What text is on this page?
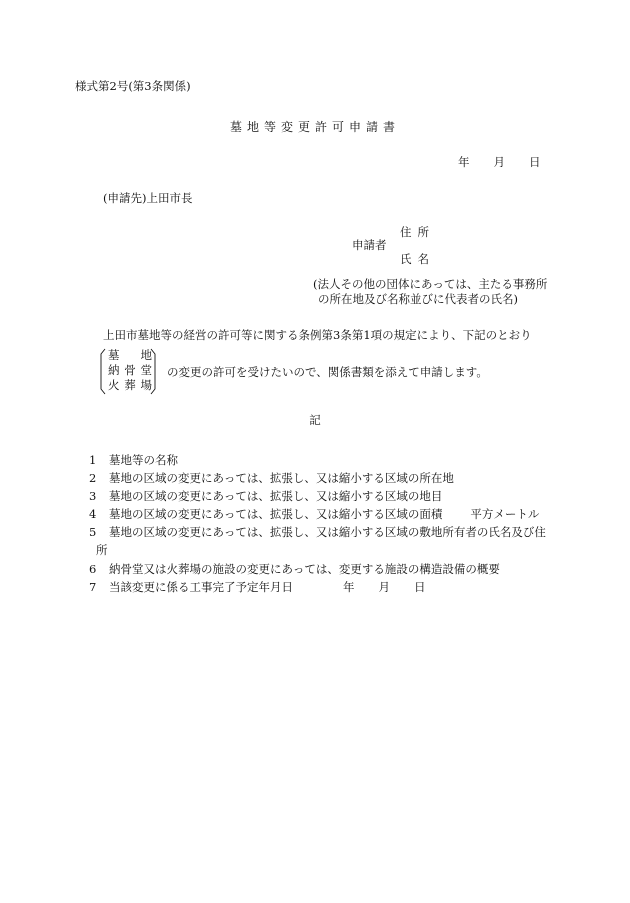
様式第2号(第3条関係)
墓地等変更許可申請書
年 月 日
(申請先)上田市長
住所
申請者
氏名
(法人その他の団体にあっては、主たる事務所
の所在地及び名称並びに代表者の氏名)
上田市墓地等の経営の許可等に関する条例第3条第1項の規定により、下記のとおり
墓地
納骨堂
火葬場
の変更の許可を受けたいので、関係書類を添えて申請します。
記
1 墓地等の名称
2 墓地の区域の変更にあっては、拡張し、又は縮小する区域の所在地
3 墓地の区域の変更にあっては、拡張し、又は縮小する区域の地目
4 墓地の区域の変更にあっては、拡張し、又は縮小する区域の面積 平方メートル
5 墓地の区域の変更にあっては、拡張し、又は縮小する区域の敷地所有者の氏名及び住
所
6 納骨堂又は火葬場の施設の変更にあっては、変更する施設の構造設備の概要
7 当該変更に係る工事完了予定年月日	年 月 日
